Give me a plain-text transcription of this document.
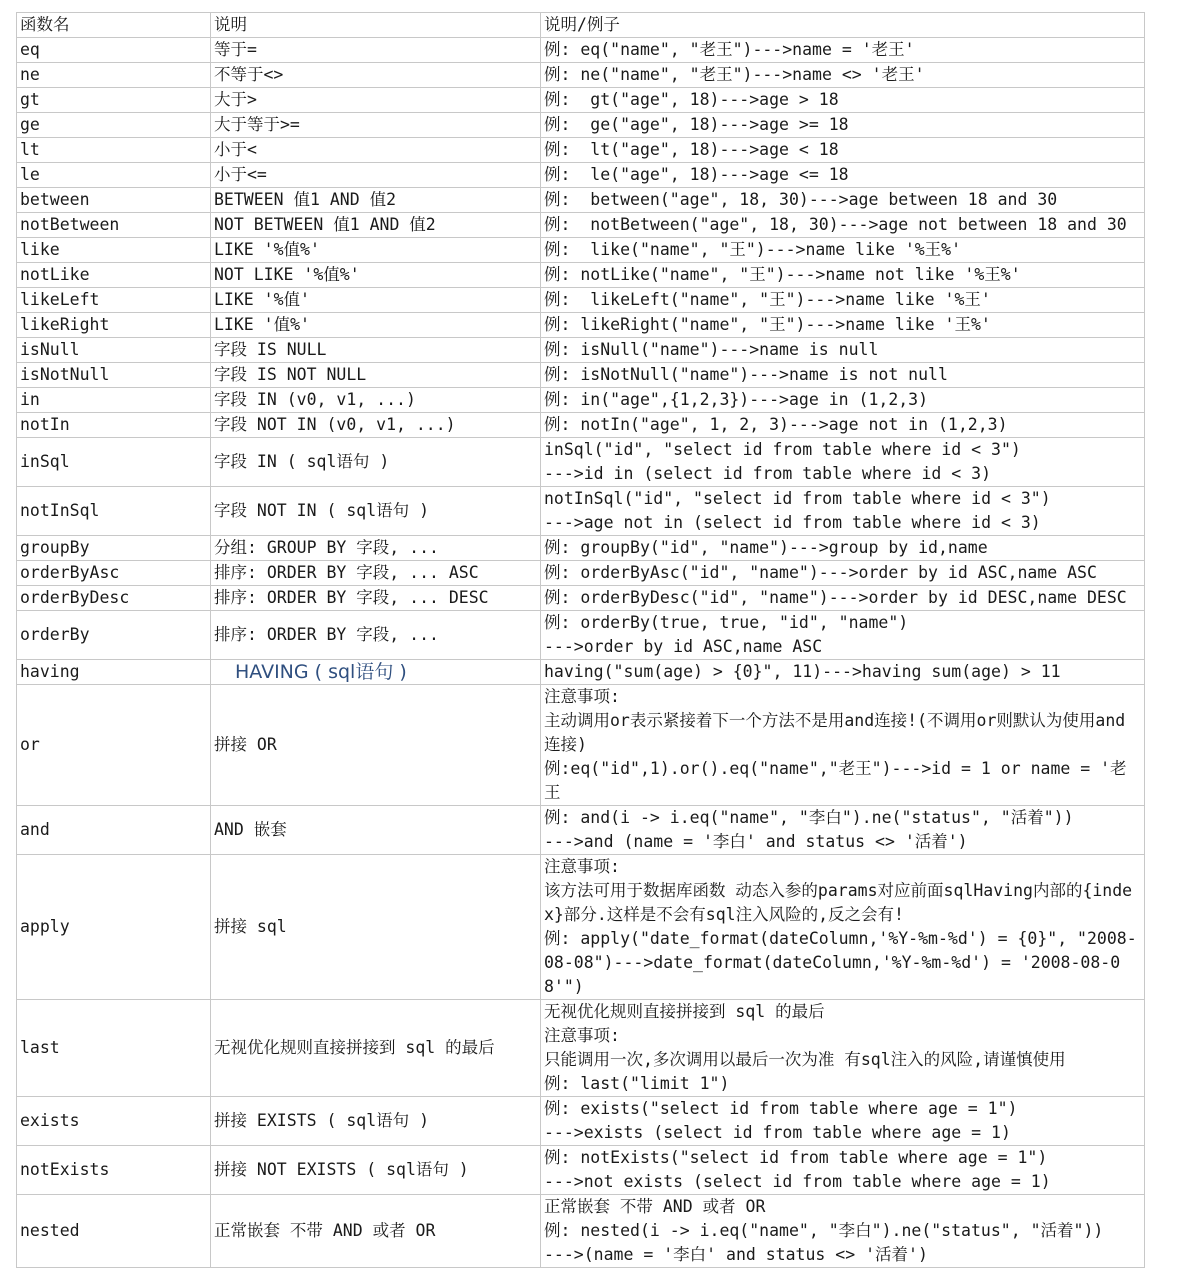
函数名	说明	说明/例子
eq	等于=	例: eq("name", "老王")--->name = '老王'
ne	不等于<>	例: ne("name", "老王")--->name <> '老王'
gt	大于>	例:  gt("age", 18)--->age > 18
ge	大于等于>=	例:  ge("age", 18)--->age >= 18
lt	小于<	例:  lt("age", 18)--->age < 18
le	小于<=	例:  le("age", 18)--->age <= 18
between	BETWEEN 值1 AND 值2	例:  between("age", 18, 30)--->age between 18 and 30
notBetween	NOT BETWEEN 值1 AND 值2	例:  notBetween("age", 18, 30)--->age not between 18 and 30
like	LIKE '%值%'	例:  like("name", "王")--->name like '%王%'
notLike	NOT LIKE '%值%'	例: notLike("name", "王")--->name not like '%王%'
likeLeft	LIKE '%值'	例:  likeLeft("name", "王")--->name like '%王'
likeRight	LIKE '值%'	例: likeRight("name", "王")--->name like '王%'
isNull	字段 IS NULL	例: isNull("name")--->name is null
isNotNull	字段 IS NOT NULL	例: isNotNull("name")--->name is not null
in	字段 IN (v0, v1, ...)	例: in("age",{1,2,3})--->age in (1,2,3)
notIn	字段 NOT IN (v0, v1, ...)	例: notIn("age", 1, 2, 3)--->age not in (1,2,3)
inSql	字段 IN ( sql语句 )	inSql("id", "select id from table where id < 3")
--->id in (select id from table where id < 3)
notInSql	字段 NOT IN ( sql语句 )	notInSql("id", "select id from table where id < 3")
--->age not in (select id from table where id < 3)
groupBy	分组: GROUP BY 字段, ...	例: groupBy("id", "name")--->group by id,name
orderByAsc	排序: ORDER BY 字段, ... ASC	例: orderByAsc("id", "name")--->order by id ASC,name ASC
orderByDesc	排序: ORDER BY 字段, ... DESC	例: orderByDesc("id", "name")--->order by id DESC,name DESC
orderBy	排序: ORDER BY 字段, ...	例: orderBy(true, true, "id", "name")
--->order by id ASC,name ASC
having	HAVING ( sql语句 )	having("sum(age) > {0}", 11)--->having sum(age) > 11
or	拼接 OR	注意事项:
主动调用or表示紧接着下一个方法不是用and连接!(不调用or则默认为使用and连接)
例:eq("id",1).or().eq("name","老王")--->id = 1 or name = '老王
and	AND 嵌套	例: and(i -> i.eq("name", "李白").ne("status", "活着"))
--->and (name = '李白' and status <> '活着')
apply	拼接 sql	注意事项:
该方法可用于数据库函数 动态入参的params对应前面sqlHaving内部的{index}部分.这样是不会有sql注入风险的,反之会有!
例: apply("date_format(dateColumn,'%Y-%m-%d') = {0}", "2008-08-08")--->date_format(dateColumn,'%Y-%m-%d') = '2008-08-08'")
last	无视优化规则直接拼接到 sql 的最后	无视优化规则直接拼接到 sql 的最后
注意事项:
只能调用一次,多次调用以最后一次为准 有sql注入的风险,请谨慎使用
例: last("limit 1")
exists	拼接 EXISTS ( sql语句 )	例: exists("select id from table where age = 1")
--->exists (select id from table where age = 1)
notExists	拼接 NOT EXISTS ( sql语句 )	例: notExists("select id from table where age = 1")
--->not exists (select id from table where age = 1)
nested	正常嵌套 不带 AND 或者 OR	正常嵌套 不带 AND 或者 OR
例: nested(i -> i.eq("name", "李白").ne("status", "活着"))
--->(name = '李白' and status <> '活着')
